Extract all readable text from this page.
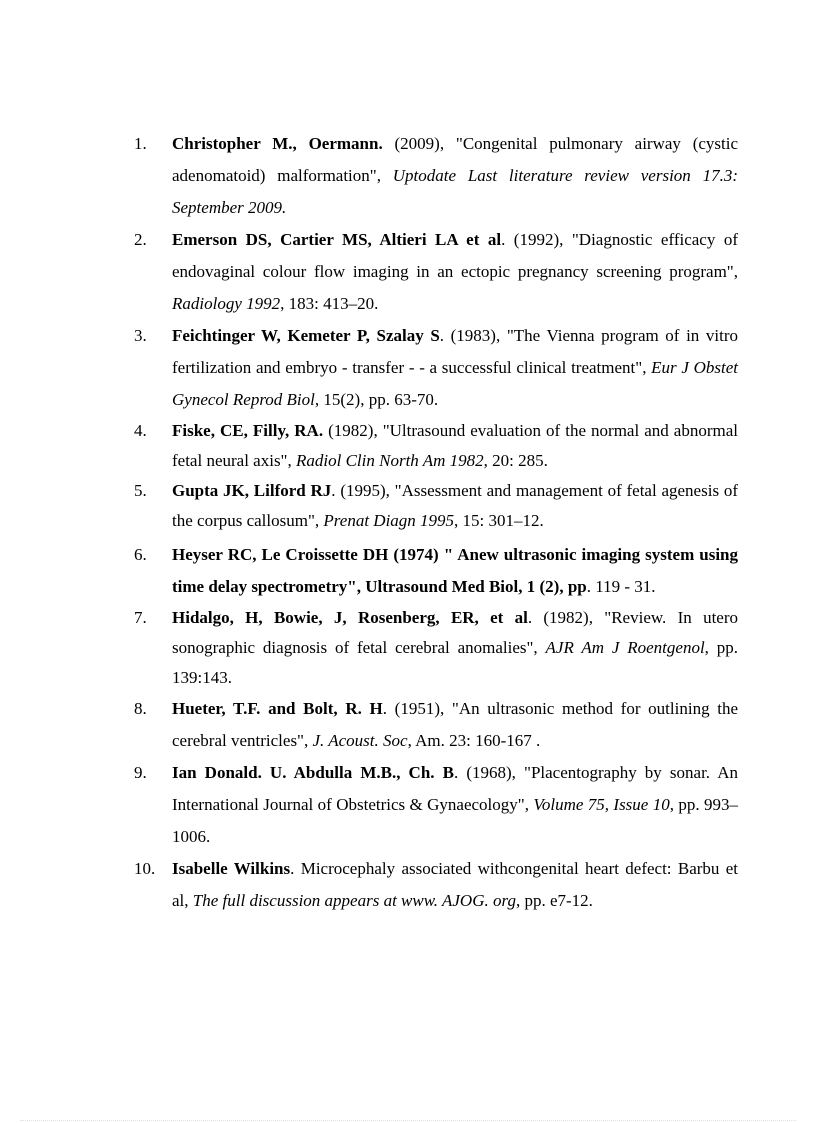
1. Christopher M., Oermann. (2009), "Congenital pulmonary airway (cystic adenomatoid) malformation", Uptodate Last literature review version 17.3: September 2009.
2. Emerson DS, Cartier MS, Altieri LA et al. (1992), "Diagnostic efficacy of endovaginal colour flow imaging in an ectopic pregnancy screening program", Radiology 1992, 183: 413–20.
3. Feichtinger W, Kemeter P, Szalay S. (1983), "The Vienna program of in vitro fertilization and embryo - transfer - - a successful clinical treatment", Eur J Obstet Gynecol Reprod Biol, 15(2), pp. 63-70.
4. Fiske, CE, Filly, RA. (1982), "Ultrasound evaluation of the normal and abnormal fetal neural axis", Radiol Clin North Am 1982, 20: 285.
5. Gupta JK, Lilford RJ. (1995), "Assessment and management of fetal agenesis of the corpus callosum", Prenat Diagn 1995, 15: 301–12.
6. Heyser RC, Le Croissette DH (1974) " Anew ultrasonic imaging system using time delay spectrometry", Ultrasound Med Biol, 1 (2), pp. 119 - 31.
7. Hidalgo, H, Bowie, J, Rosenberg, ER, et al. (1982), "Review. In utero sonographic diagnosis of fetal cerebral anomalies", AJR Am J Roentgenol, pp. 139:143.
8. Hueter, T.F. and Bolt, R. H. (1951), "An ultrasonic method for outlining the cerebral ventricles", J. Acoust. Soc, Am. 23: 160-167 .
9. Ian Donald. U. Abdulla M.B., Ch. B. (1968), "Placentography by sonar. An International Journal of Obstetrics & Gynaecology", Volume 75, Issue 10, pp. 993–1006.
10. Isabelle Wilkins. Microcephaly associated withcongenital heart defect: Barbu et al, The full discussion appears at www. AJOG. org, pp. e7-12.
